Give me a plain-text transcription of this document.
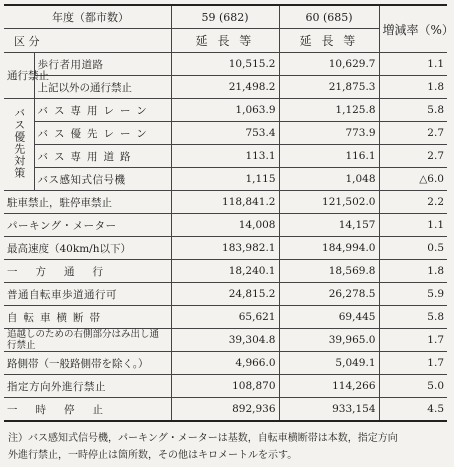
年度（都市数）		59 (682)	60 (685)	増減率（%）
区 分		延 長 等	延 長 等	
通行禁止	歩行者用道路	10,515.2	10,629.7	1.1
	上記以外の通行禁止	21,498.2	21,875.3	1.8
バス優先対策	バス専用レーン	1,063.9	1,125.8	5.8
	バス優先レーン	753.4	773.9	2.7
	バス専用道路	113.1	116.1	2.7
	バス感知式信号機	1,115	1,048	△6.0
駐車禁止，駐停車禁止		118,841.2	121,502.0	2.2
パーキング・メーター		14,008	14,157	1.1
最高速度（40km/h以下）		183,982.1	184,994.0	0.5
一方通行		18,240.1	18,569.8	1.8
普通自転車歩道通行可		24,815.2	26,278.5	5.9
自転車横断帯		65,621	69,445	5.8
追越しのための右側部分はみ出し通行禁止		39,304.8	39,965.0	1.7
路側帯（一般路側帯を除く。）		4,966.0	5,049.1	1.7
指定方向外進行禁止		108,870	114,266	5.0
一時停止		892,936	933,154	4.5

注）バス感知式信号機，パーキング・メーターは基数，自転車横断帯は本数，指定方向
外進行禁止，一時停止は箇所数，その他はキロメートルを示す。
